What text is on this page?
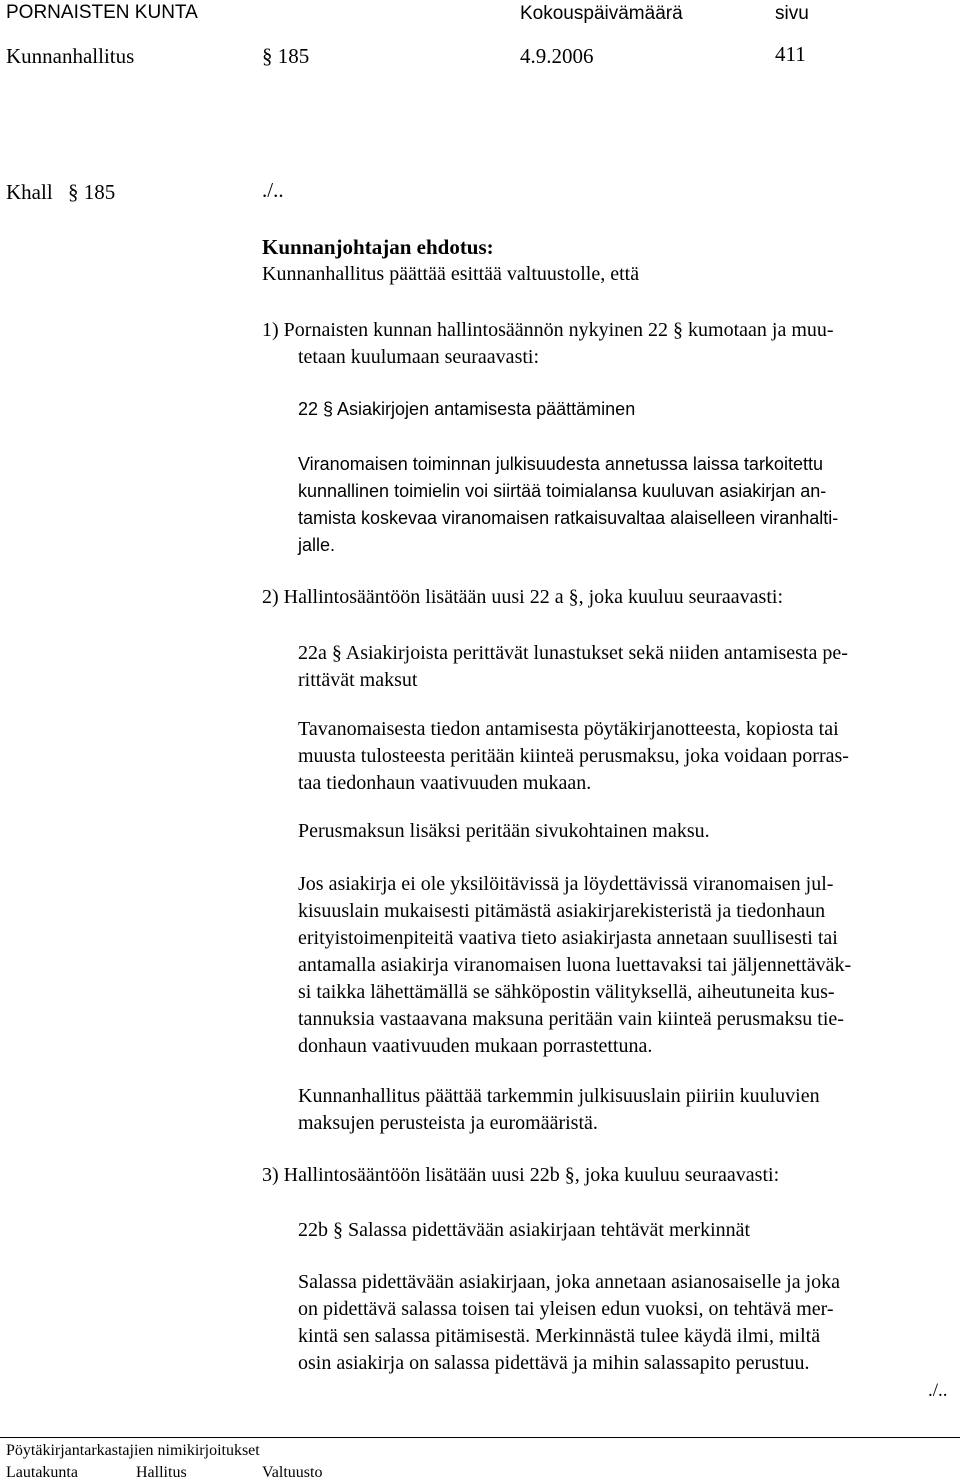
PORNAISTEN KUNTA	Kokouspäivämäärä	sivu
Kunnanhallitus	§ 185	4.9.2006	411
Khall § 185	./..
Kunnanjohtajan ehdotus:
Kunnanhallitus päättää esittää valtuustolle, että
1) Pornaisten kunnan hallintosäännön nykyinen 22 § kumotaan ja muu-
tetaan kuulumaan seuraavasti:
22 § Asiakirjojen antamisesta päättäminen
Viranomaisen toiminnan julkisuudesta annetussa laissa tarkoitettu
kunnallinen toimielin voi siirtää toimialansa kuuluvan asiakirjan an-
tamista koskevaa viranomaisen ratkaisuvaltaa alaiselleen viranhalti-
jalle.
2) Hallintosääntöön lisätään uusi 22 a §, joka kuuluu seuraavasti:
22a § Asiakirjoista perittävät lunastukset sekä niiden antamisesta pe-
rittävät maksut
Tavanomaisesta tiedon antamisesta pöytäkirjanotteesta, kopiosta tai
muusta tulosteesta peritään kiinteä perusmaksu, joka voidaan porras-
taa tiedonhaun vaativuuden mukaan.
Perusmaksun lisäksi peritään sivukohtainen maksu.
Jos asiakirja ei ole yksilöitävissä ja löydettävissä viranomaisen jul-
kisuuslain mukaisesti pitämästä asiakirjarekisteristä ja tiedonhaun
erityistoimenpiteitä vaativa tieto asiakirjasta annetaan suullisesti tai
antamalla asiakirja viranomaisen luona luettavaksi tai jäljennettäväk-
si taikka lähettämällä se sähköpostin välityksellä, aiheutuneita kus-
tannuksia vastaavana maksuna peritään vain kiinteä perusmaksu tie-
donhaun vaativuuden mukaan porrastettuna.
Kunnanhallitus päättää tarkemmin julkisuuslain piiriin kuuluvien
maksujen perusteista ja euromääristä.
3) Hallintosääntöön lisätään uusi 22b §, joka kuuluu seuraavasti:
22b § Salassa pidettävään asiakirjaan tehtävät merkinnät
Salassa pidettävään asiakirjaan, joka annetaan asianosaiselle ja joka
on pidettävä salassa toisen tai yleisen edun vuoksi, on tehtävä mer-
kintä sen salassa pitämisestä. Merkinnästä tulee käydä ilmi, miltä
osin asiakirja on salassa pidettävä ja mihin salassapito perustuu.
./..
Pöytäkirjantarkastajien nimikirjoitukset
Lautakunta	Hallitus	Valtuusto
